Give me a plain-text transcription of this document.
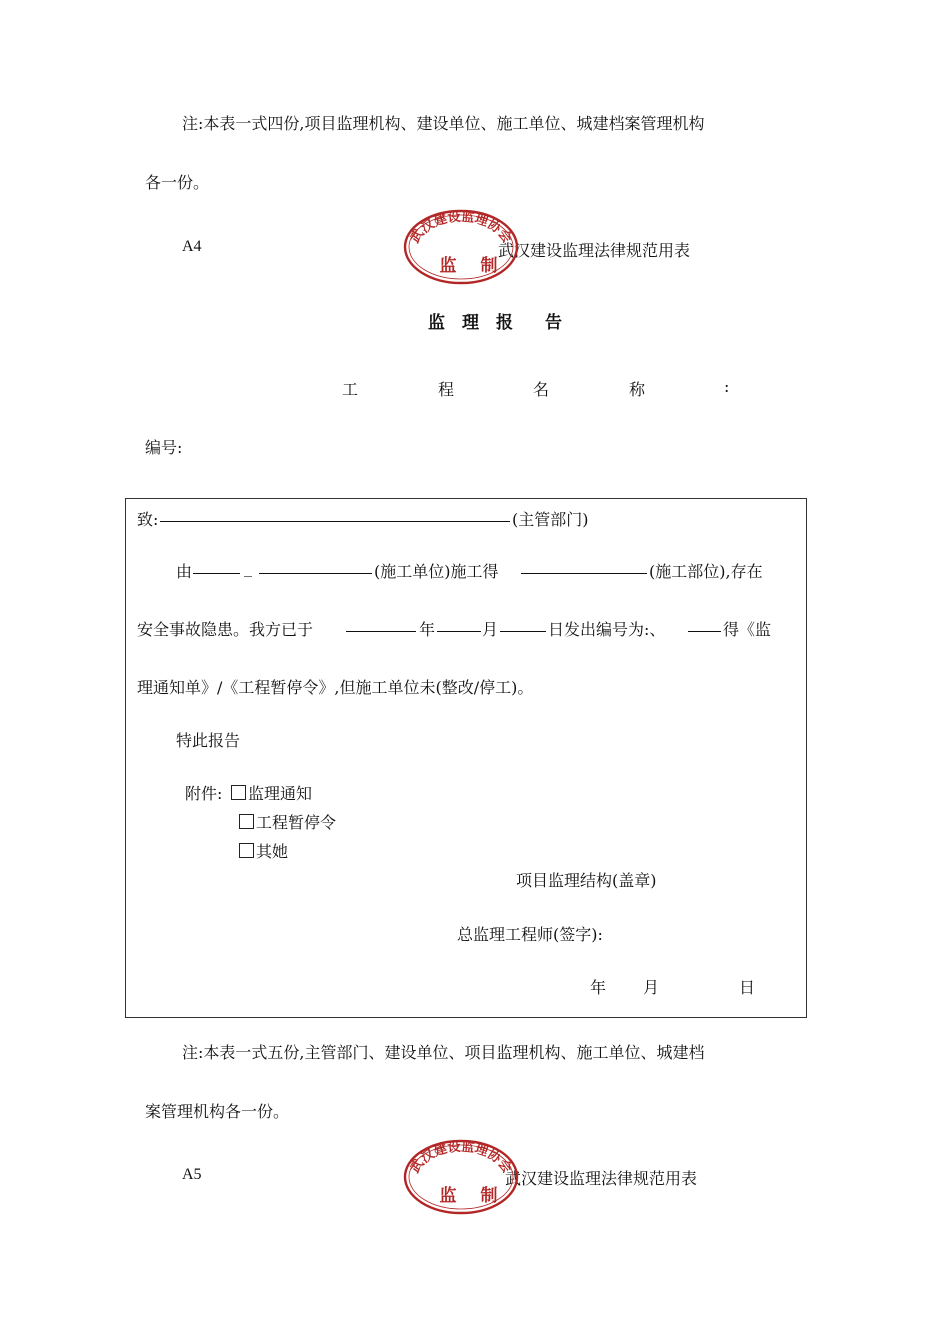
注:本表一式四份,项目监理机构、建设单位、施工单位、城建档案管理机构
各一份。
A4	武汉建设监理法律规范用表
武汉建设监理协会
监 制
监 理 报 告
工	程	名	称	:
编号:
致:	(主管部门)
由	_	(施工单位)施工得	(施工部位),存在
安全事故隐患。我方已于	年	月	日发出编号为:、	得《监
理通知单》/《工程暂停令》,但施工单位未(整改/停工)。
特此报告
附件:	监理通知
工程暂停令
其她
项目监理结构(盖章)
总监理工程师(签字):
年 月	日
注:本表一式五份,主管部门、建设单位、项目监理机构、施工单位、城建档
案管理机构各一份。
A5	武汉建设监理法律规范用表
武汉建设监理协会
监 制
